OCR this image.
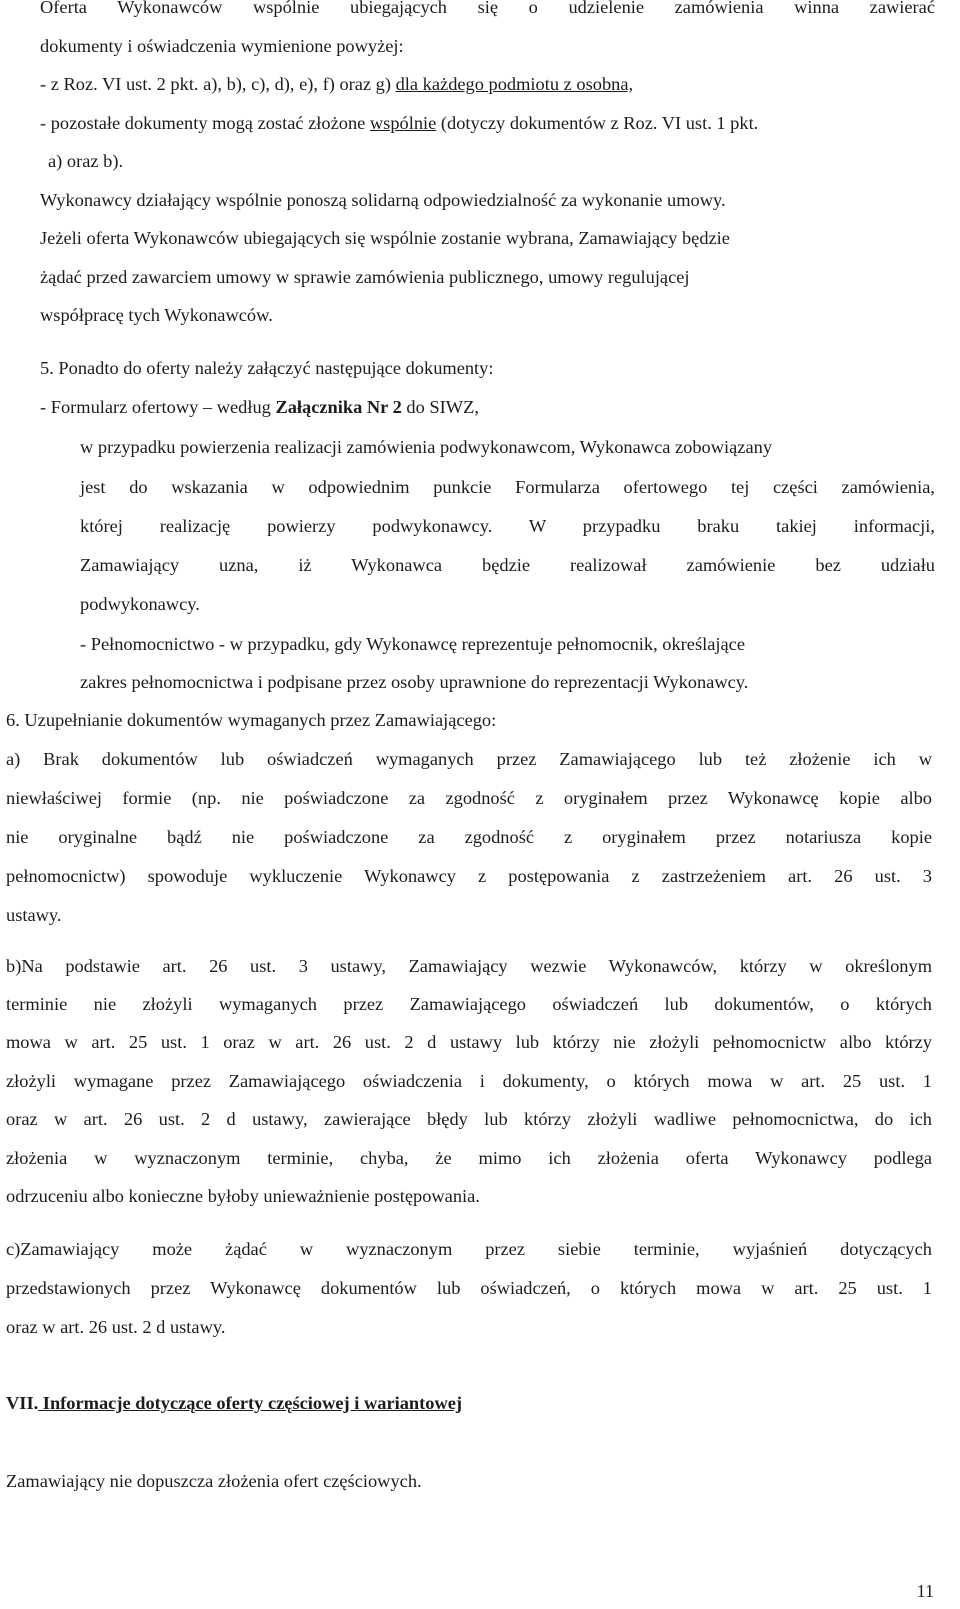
Oferta Wykonawców wspólnie ubiegających się o udzielenie zamówienia winna zawierać

dokumenty i oświadczenia wymienione powyżej:

- z Roz. VI ust. 2 pkt. a), b), c), d), e), f) oraz g) dla każdego podmiotu z osobna,

- pozostałe dokumenty mogą zostać złożone wspólnie (dotyczy dokumentów z Roz. VI ust. 1 pkt.

a) oraz b).

Wykonawcy działający wspólnie ponoszą solidarną odpowiedzialność za wykonanie umowy.

Jeżeli oferta Wykonawców ubiegających się wspólnie zostanie wybrana, Zamawiający będzie

żądać przed zawarciem umowy w sprawie zamówienia publicznego, umowy regulującej

współpracę tych Wykonawców.

5. Ponadto do oferty należy załączyć następujące dokumenty:

- Formularz ofertowy – według Załącznika Nr 2 do SIWZ,

w przypadku powierzenia realizacji zamówienia podwykonawcom, Wykonawca zobowiązany

jest do wskazania w odpowiednim punkcie Formularza ofertowego tej części zamówienia,

której realizację powierzy podwykonawcy. W przypadku braku takiej informacji,

Zamawiający uzna, iż Wykonawca będzie realizował zamówienie bez udziału

podwykonawcy.

- Pełnomocnictwo - w przypadku, gdy Wykonawcę reprezentuje pełnomocnik, określające

zakres pełnomocnictwa i podpisane przez osoby uprawnione do reprezentacji Wykonawcy.

6. Uzupełnianie dokumentów wymaganych przez Zamawiającego:

a) Brak dokumentów lub oświadczeń wymaganych przez Zamawiającego lub też złożenie ich w

niewłaściwej formie (np. nie poświadczone za zgodność z oryginałem przez Wykonawcę kopie albo

nie oryginalne bądź nie poświadczone za zgodność z oryginałem przez notariusza kopie

pełnomocnictw) spowoduje wykluczenie Wykonawcy z postępowania z zastrzeżeniem art. 26 ust. 3

ustawy.

b)Na podstawie art. 26 ust. 3 ustawy, Zamawiający wezwie Wykonawców, którzy w określonym

terminie nie złożyli wymaganych przez Zamawiającego oświadczeń lub dokumentów, o których

mowa w art. 25 ust. 1 oraz w art. 26 ust. 2 d ustawy lub którzy nie złożyli pełnomocnictw albo którzy

złożyli wymagane przez Zamawiającego oświadczenia i dokumenty, o których mowa w art. 25 ust. 1

oraz w art. 26 ust. 2 d ustawy, zawierające błędy lub którzy złożyli wadliwe pełnomocnictwa, do ich

złożenia w wyznaczonym terminie, chyba, że mimo ich złożenia oferta Wykonawcy podlega

odrzuceniu albo konieczne byłoby unieważnienie postępowania.

c)Zamawiający może żądać w wyznaczonym przez siebie terminie, wyjaśnień dotyczących

przedstawionych przez Wykonawcę dokumentów lub oświadczeń, o których mowa w art. 25 ust. 1

oraz w art. 26 ust. 2 d ustawy.

VII. Informacje dotyczące oferty częściowej i wariantowej

Zamawiający nie dopuszcza złożenia ofert częściowych.

11
